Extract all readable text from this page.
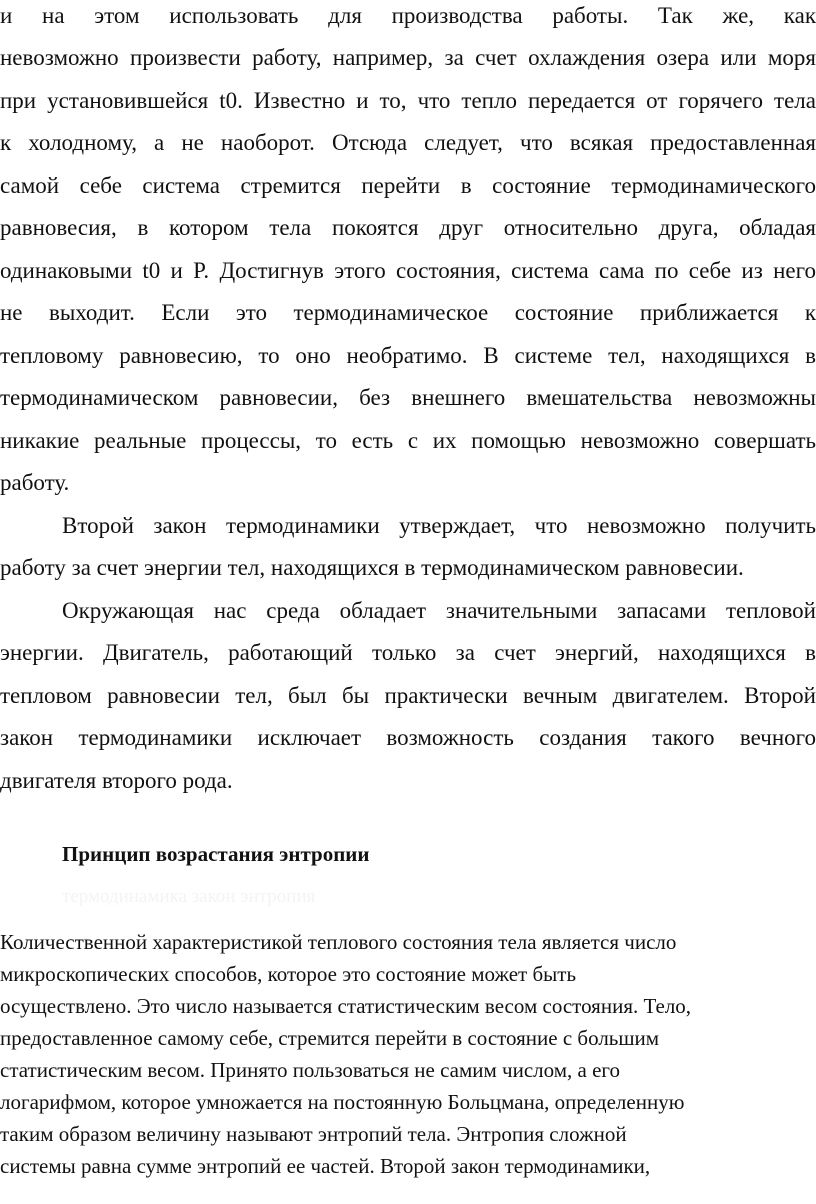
и на этом использовать для производства работы. Так же, как

невозможно произвести работу, например, за счет охлаждения озера или моря

при установившейся t0. Известно и то, что тепло передается от горячего тела

к холодному, а не наоборот. Отсюда следует, что всякая предоставленная

самой себе система стремится перейти в состояние термодинамического

равновесия, в котором тела покоятся друг относительно друга, обладая

одинаковыми t0 и P. Достигнув этого состояния, система сама по себе из него

не выходит. Если это термодинамическое состояние приближается к

тепловому равновесию, то оно необратимо. В системе тел, находящихся в

термодинамическом равновесии, без внешнего вмешательства невозможны

никакие реальные процессы, то есть с их помощью невозможно совершать

работу.

Второй закон термодинамики утверждает, что невозможно получить

работу за счет энергии тел, находящихся в термодинамическом равновесии.

Окружающая нас среда обладает значительными запасами тепловой

энергии. Двигатель, работающий только за счет энергий, находящихся в

тепловом равновесии тел, был бы практически вечным двигателем. Второй

закон термодинамики исключает возможность создания такого вечного

двигателя второго рода.

Принцип возрастания энтропии

термодинамика закон энтропия

Количественной характеристикой теплового состояния тела является число

микроскопических способов, которое это состояние может быть

осуществлено. Это число называется статистическим весом состояния. Тело,

предоставленное самому себе, стремится перейти в состояние с большим

статистическим весом. Принято пользоваться не самим числом, а его

логарифмом, которое умножается на постоянную Больцмана, определенную

таким образом величину называют энтропий тела. Энтропия сложной

системы равна сумме энтропий ее частей. Второй закон термодинамики,
